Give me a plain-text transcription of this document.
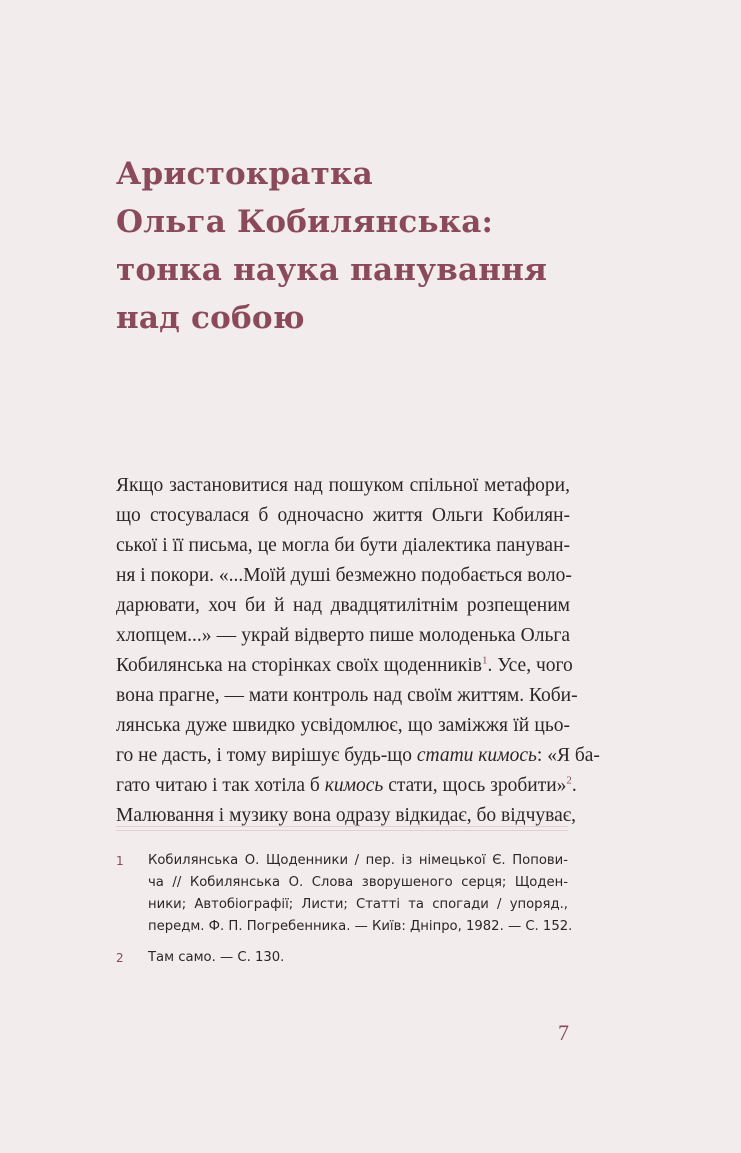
Аристократка
Ольга Кобилянська:
тонка наука панування
над собою
Якщо застановитися над пошуком спільної метафори,
що стосувалася б одночасно життя Ольги Кобилян-
ської і її письма, це могла би бути діалектика пануван-
ня і покори. «...Моїй душі безмежно подобається воло-
дарювати, хоч би й над двадцятилітнім розпещеним
хлопцем...» — украй відверто пише молоденька Ольга
Кобилянська на сторінках своїх щоденників$^1$. Усе, чого
вона прагне, — мати контроль над своїм життям. Коби-
лянська дуже швидко усвідомлює, що заміжжя їй цьо-
го не дасть, і тому вирішує будь-що стати кимось: «Я ба-
гато читаю і так хотіла б кимось стати, щось зробити»$^2$.
Малювання і музику вона одразу відкидає, бо відчуває,
1 Кобилянська О. Щоденники / пер. із німецької Є. Попови-
ча // Кобилянська О. Слова зворушеного серця; Щоден-
ники; Автобіографії; Листи; Статті та спогади / упоряд.,
передм. Ф. П. Погребенника. — Київ: Дніпро, 1982. — С. 152.
2 Там само. — С. 130.
7
